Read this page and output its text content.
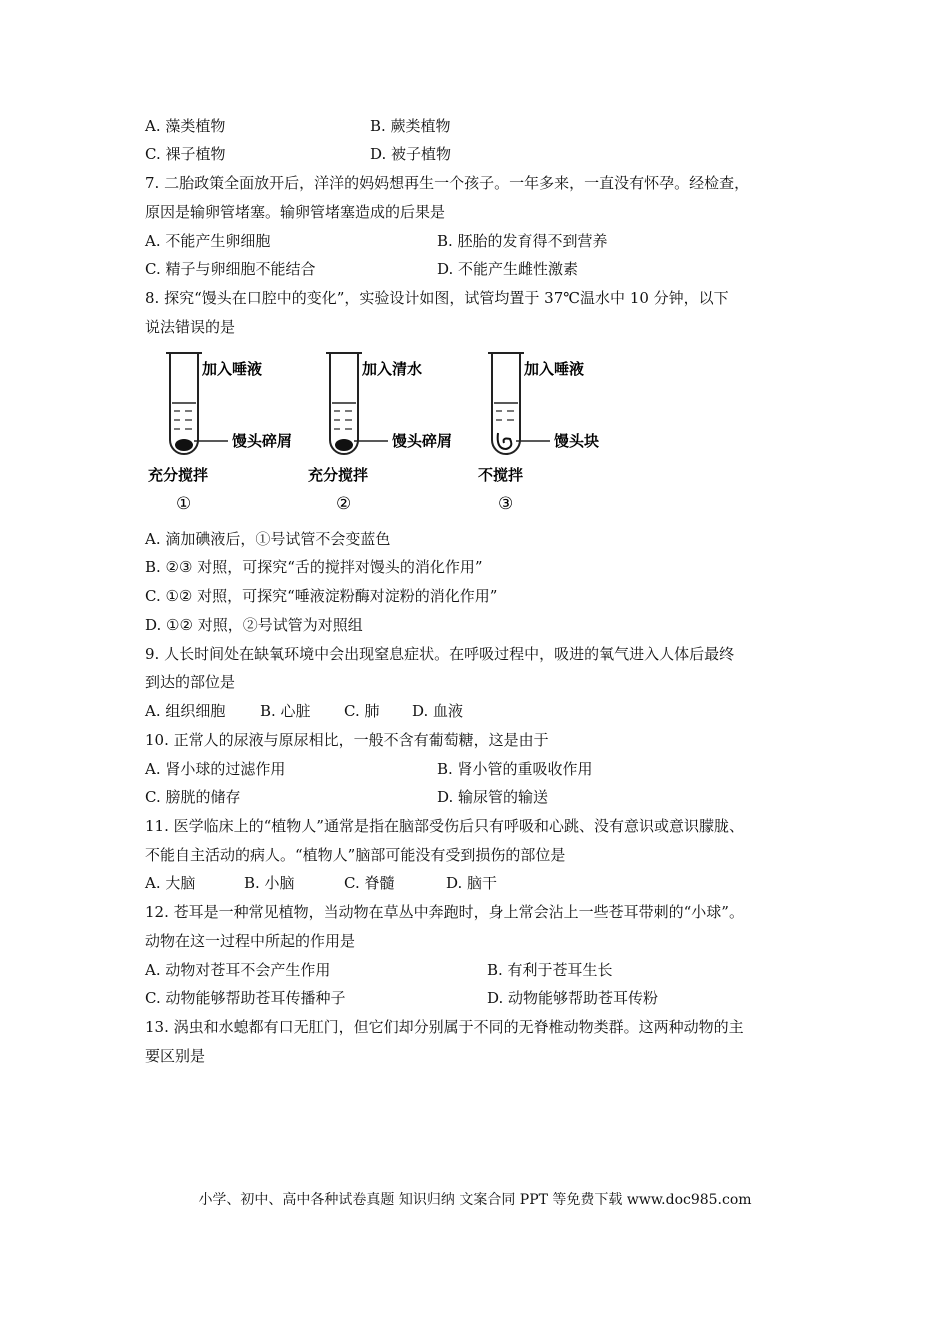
A. 藻类植物	B. 蕨类植物
C. 裸子植物	D. 被子植物
7. 二胎政策全面放开后，洋洋的妈妈想再生一个孩子。一年多来，一直没有怀孕。经检查，
原因是输卵管堵塞。输卵管堵塞造成的后果是
A. 不能产生卵细胞	B. 胚胎的发育得不到营养
C. 精子与卵细胞不能结合	D. 不能产生雌性激素
8. 探究“馒头在口腔中的变化”，实验设计如图，试管均置于 37℃温水中 10 分钟，以下
说法错误的是
加入唾液
馒头碎屑
充分搅拌
①
加入清水
馒头碎屑
充分搅拌
②
加入唾液
馒头块
不搅拌
③
A. 滴加碘液后，①号试管不会变蓝色
B. ②③ 对照，可探究“舌的搅拌对馒头的消化作用”
C. ①② 对照，可探究“唾液淀粉酶对淀粉的消化作用”
D. ①② 对照，②号试管为对照组
9. 人长时间处在缺氧环境中会出现窒息症状。在呼吸过程中，吸进的氧气进入人体后最终
到达的部位是
A. 组织细胞 B. 心脏 C. 肺 D. 血液
10. 正常人的尿液与原尿相比，一般不含有葡萄糖，这是由于
A. 肾小球的过滤作用	B. 肾小管的重吸收作用
C. 膀胱的储存	D. 输尿管的输送
11. 医学临床上的“植物人”通常是指在脑部受伤后只有呼吸和心跳、没有意识或意识朦胧、
不能自主活动的病人。“植物人”脑部可能没有受到损伤的部位是
A. 大脑	B. 小脑	C. 脊髓	D. 脑干
12. 苍耳是一种常见植物，当动物在草丛中奔跑时，身上常会沾上一些苍耳带刺的“小球”。
动物在这一过程中所起的作用是
A. 动物对苍耳不会产生作用	B. 有利于苍耳生长
C. 动物能够帮助苍耳传播种子	D. 动物能够帮助苍耳传粉
13. 涡虫和水螅都有口无肛门，但它们却分别属于不同的无脊椎动物类群。这两种动物的主
要区别是
小学、初中、高中各种试卷真题 知识归纳 文案合同 PPT 等免费下载 www.doc985.com
